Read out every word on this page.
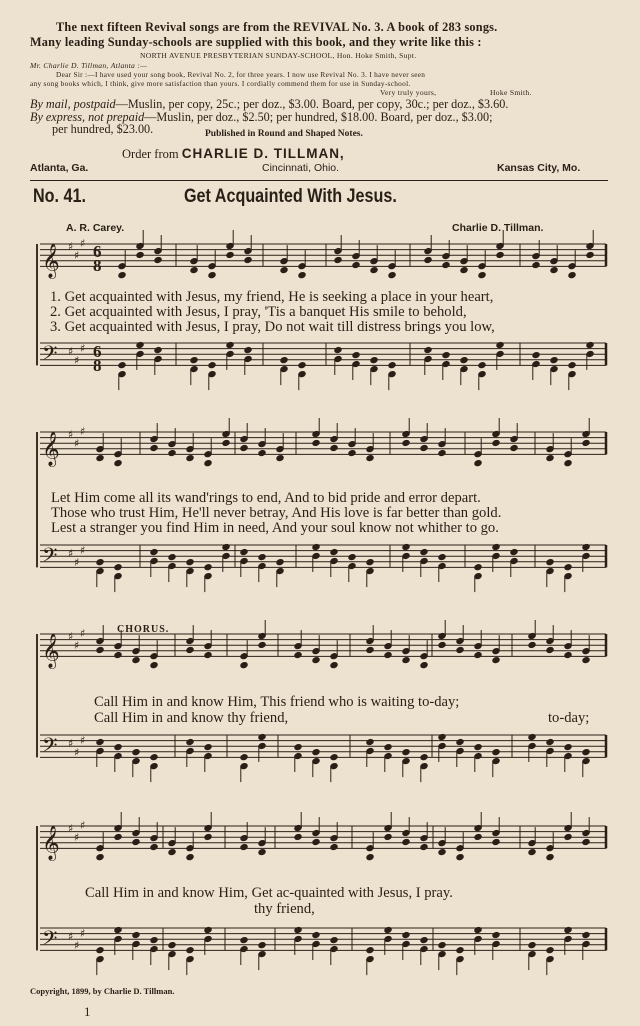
The next fifteen Revival songs are from the REVIVAL No. 3. A book of 283 songs.
Many leading Sunday-schools are supplied with this book, and they write like this :
NORTH AVENUE PRESBYTERIAN SUNDAY-SCHOOL, Hon. Hoke Smith, Supt.
Mr. Charlie D. Tillman, Atlanta :—
Dear Sir :—I have used your song book, Revival No. 2, for three years. I now use Revival No. 3. I have never seen
any song books which, I think, give more satisfaction than yours. I cordially commend them for use in Sunday-school.
Very truly yours,	Hoke Smith.
By mail, postpaid—Muslin, per copy, 25c.; per doz., $3.00. Board, per copy, 30c.; per doz., $3.60.
By express, not prepaid—Muslin, per doz., $2.50; per hundred, $18.00. Board, per doz., $3.00;
per hundred, $23.00.	Published in Round and Shaped Notes.
Order from CHARLIE D. TILLMAN,
Atlanta, Ga.	Cincinnati, Ohio.	Kansas City, Mo.
No. 41.	Get Acquainted With Jesus.
A. R. Carey.	Charlie D. Tillman.
𝄞 ♯
♯
♯
𝄢 ♯
♯
♯
𝄞 ♯
♯
♯
𝄢 ♯
♯
♯
𝄞 ♯
♯
♯
𝄢 ♯
♯
♯
𝄞 ♯
♯
♯
𝄢 ♯
♯
♯
6
8
6
8
1. Get acquainted with Jesus, my friend, He is seeking a place in your heart,
2. Get acquainted with Jesus, I pray, 'Tis a banquet His smile to behold,
3. Get acquainted with Jesus, I pray, Do not wait till distress brings you low,
Let Him come all its wand'rings to end, And to bid pride and error depart.
Those who trust Him, He'll never betray, And His love is far better than gold.
Lest a stranger you find Him in need, And your soul know not whither to go.
CHORUS.
Call Him in and know Him, This friend who is waiting to-day;
Call Him in and know thy friend,	to-day;
Call Him in and know Him, Get ac-quainted with Jesus, I pray.
thy friend,
Copyright, 1899, by Charlie D. Tillman.
1
